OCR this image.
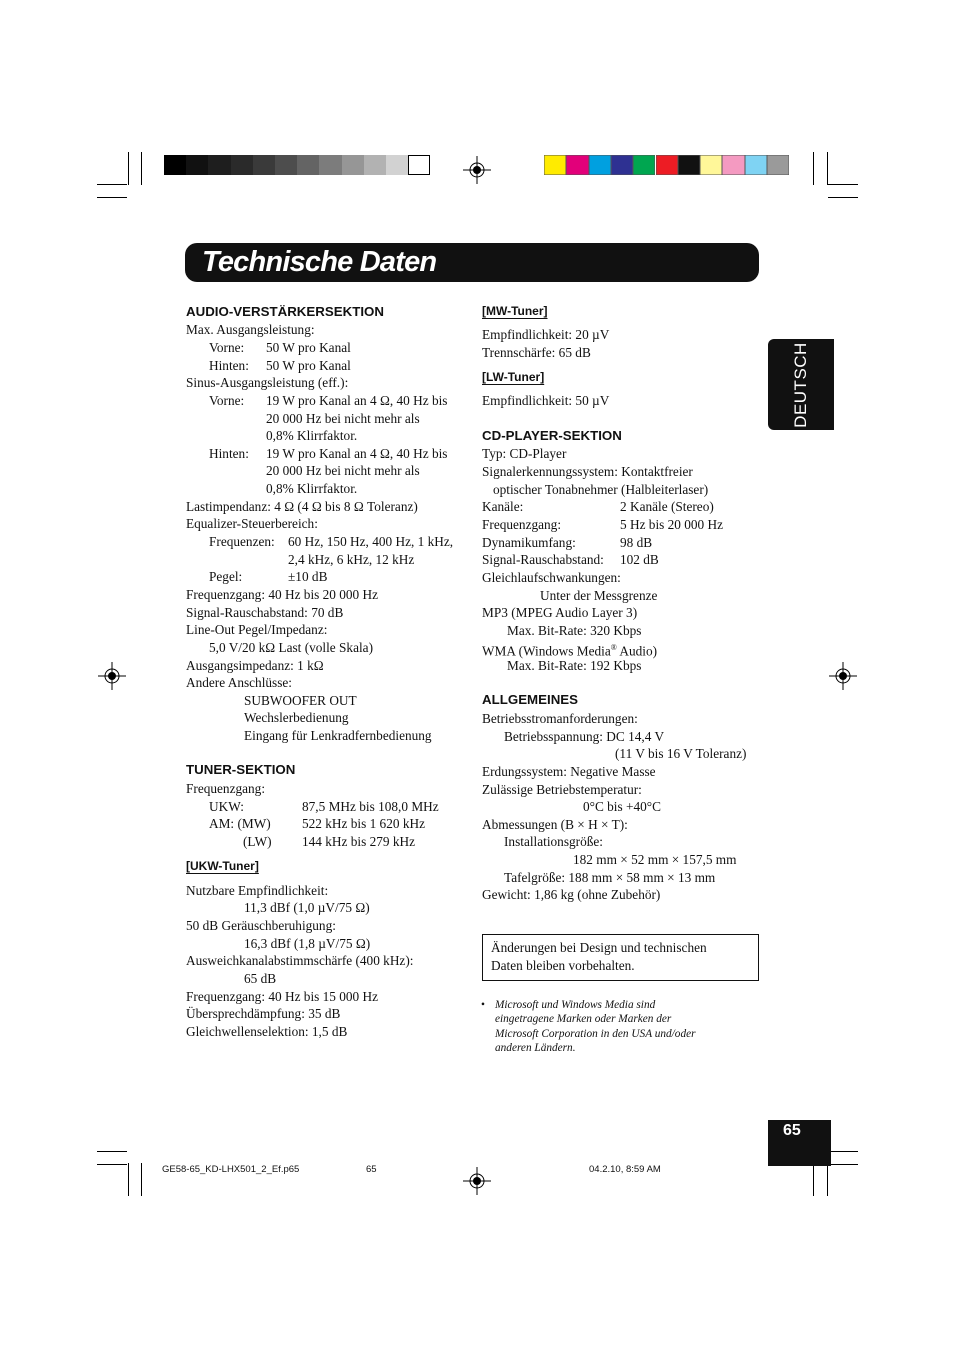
Technische Daten
DEUTSCH
AUDIO-VERSTÄRKERSEKTION
Max. Ausgangsleistung:
Vorne: 50 W pro Kanal
Hinten: 50 W pro Kanal
Sinus-Ausgangsleistung (eff.):
Vorne: 19 W pro Kanal an 4 Ω, 40 Hz bis
20 000 Hz bei nicht mehr als
0,8% Klirrfaktor.
Hinten: 19 W pro Kanal an 4 Ω, 40 Hz bis
20 000 Hz bei nicht mehr als
0,8% Klirrfaktor.
Lastimpendanz: 4 Ω (4 Ω bis 8 Ω Toleranz)
Equalizer-Steuerbereich:
Frequenzen: 60 Hz, 150 Hz, 400 Hz, 1 kHz,
2,4 kHz, 6 kHz, 12 kHz
Pegel:	±10 dB
Frequenzgang: 40 Hz bis 20 000 Hz
Signal-Rauschabstand: 70 dB
Line-Out Pegel/Impedanz:
5,0 V/20 kΩ Last (volle Skala)
Ausgangsimpedanz: 1 kΩ
Andere Anschlüsse:
SUBWOOFER OUT
Wechslerbedienung
Eingang für Lenkradfernbedienung
TUNER-SEKTION
Frequenzgang:
UKW:	87,5 MHz bis 108,0 MHz
AM: (MW) 522 kHz bis 1 620 kHz
(LW) 144 kHz bis 279 kHz
[UKW-Tuner]
Nutzbare Empfindlichkeit:
11,3 dBf (1,0 µV/75 Ω)
50 dB Geräuschberuhigung:
16,3 dBf (1,8 µV/75 Ω)
Ausweichkanalabstimmschärfe (400 kHz):
65 dB
Frequenzgang: 40 Hz bis 15 000 Hz
Übersprechdämpfung: 35 dB
Gleichwellenselektion: 1,5 dB
[MW-Tuner]
Empfindlichkeit: 20 µV
Trennschärfe: 65 dB
[LW-Tuner]
Empfindlichkeit: 50 µV
CD-PLAYER-SEKTION
Typ: CD-Player
Signalerkennungssystem: Kontaktfreier
optischer Tonabnehmer (Halbleiterlaser)
Kanäle:	2 Kanäle (Stereo)
Frequenzgang:	5 Hz bis 20 000 Hz
Dynamikumfang:	98 dB
Signal-Rauschabstand: 102 dB
Gleichlaufschwankungen:
Unter der Messgrenze
MP3 (MPEG Audio Layer 3)
Max. Bit-Rate: 320 Kbps
WMA (Windows Media® Audio)
Max. Bit-Rate: 192 Kbps
ALLGEMEINES
Betriebsstromanforderungen:
Betriebsspannung: DC 14,4 V
(11 V bis 16 V Toleranz)
Erdungssystem: Negative Masse
Zulässige Betriebstemperatur:
0°C bis +40°C
Abmessungen (B × H × T):
Installationsgröße:
182 mm × 52 mm × 157,5 mm
Tafelgröße: 188 mm × 58 mm × 13 mm
Gewicht: 1,86 kg (ohne Zubehör)
Änderungen bei Design und technischen
Daten bleiben vorbehalten.
• Microsoft und Windows Media sind
eingetragene Marken oder Marken der
Microsoft Corporation in den USA und/oder
anderen Ländern.
65
GE58-65_KD-LHX501_2_Ef.p65	65	04.2.10, 8:59 AM
